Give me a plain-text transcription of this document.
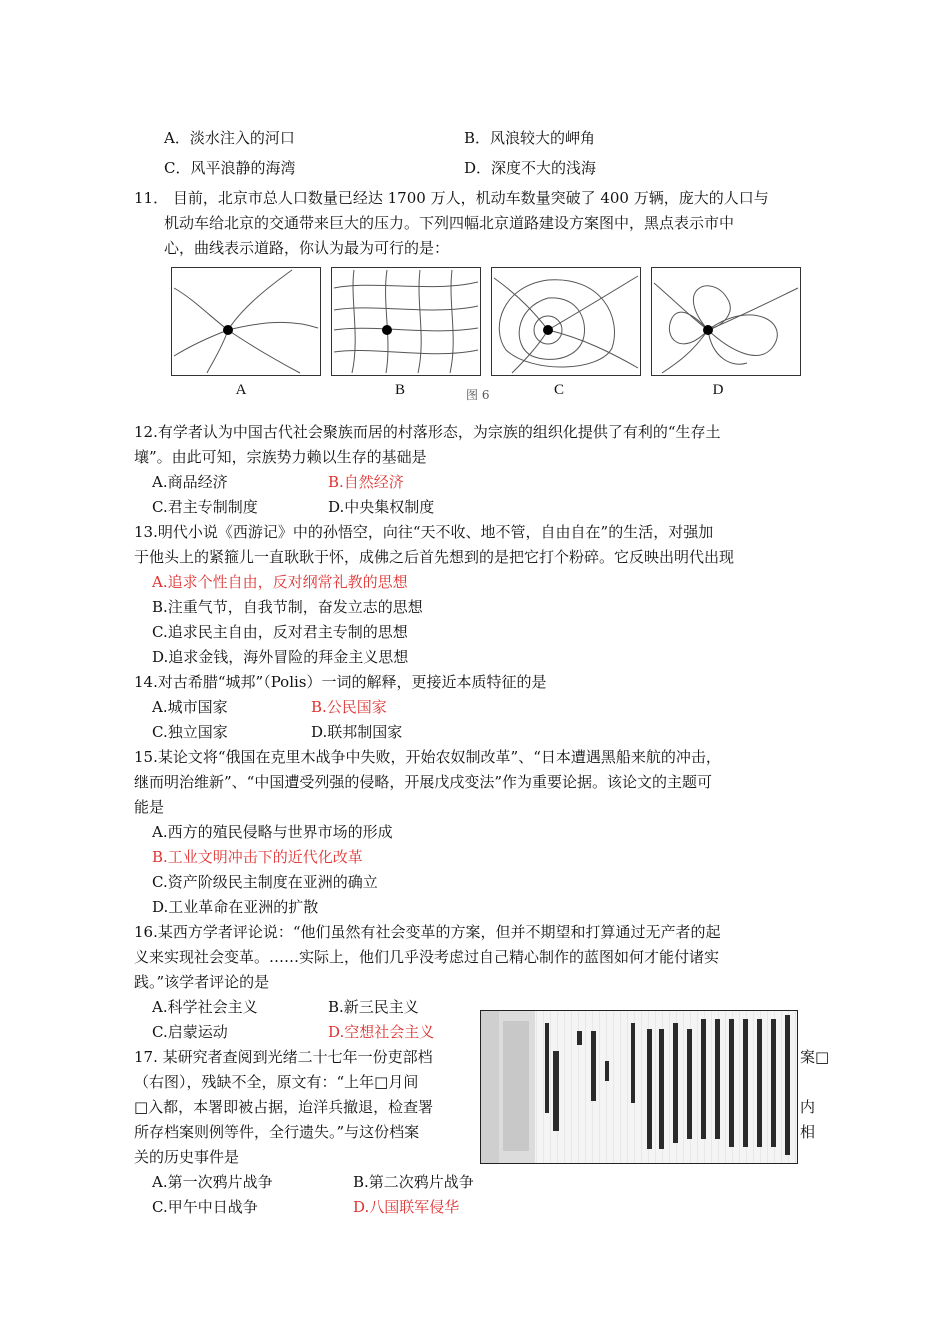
A．淡水注入的河口	B．风浪较大的岬角
C．风平浪静的海湾	D．深度不大的浅海
11． 目前，北京市总人口数量已经达 1700 万人，机动车数量突破了 400 万辆，庞大的人口与
机动车给北京的交通带来巨大的压力。下列四幅北京道路建设方案图中，黑点表示市中
心，曲线表示道路，你认为最为可行的是：
A	B	C	D
图 6
12.有学者认为中国古代社会聚族而居的村落形态，为宗族的组织化提供了有利的“生存土
壤”。由此可知，宗族势力赖以生存的基础是
A.商品经济	B.自然经济
C.君主专制制度	D.中央集权制度
13.明代小说《西游记》中的孙悟空，向往“天不收、地不管，自由自在”的生活，对强加
于他头上的紧箍儿一直耿耿于怀，成佛之后首先想到的是把它打个粉碎。它反映出明代出现
A.追求个性自由，反对纲常礼教的思想
B.注重气节，自我节制，奋发立志的思想
C.追求民主自由，反对君主专制的思想
D.追求金钱，海外冒险的拜金主义思想
14.对古希腊“城邦”（Polis）一词的解释，更接近本质特征的是
A.城市国家	B.公民国家
C.独立国家	D.联邦制国家
15.某论文将“俄国在克里木战争中失败，开始农奴制改革”、“日本遭遇黑船来航的冲击，
继而明治维新”、“中国遭受列强的侵略，开展戊戌变法”作为重要论据。该论文的主题可
能是
A.西方的殖民侵略与世界市场的形成
B.工业文明冲击下的近代化改革
C.资产阶级民主制度在亚洲的确立
D.工业革命在亚洲的扩散
16.某西方学者评论说：“他们虽然有社会变革的方案，但并不期望和打算通过无产者的起
义来实现社会变革。……实际上，他们几乎没考虑过自己精心制作的蓝图如何才能付诸实
践。”该学者评论的是
A.科学社会主义	B.新三民主义
C.启蒙运动	D.空想社会主义
17. 某研究者查阅到光绪二十七年一份吏部档	案□
（右图），残缺不全，原文有：“上年□月间
□入都，本署即被占据，迨洋兵撤退，检查署	内
所存档案则例等件，全行遗失。”与这份档案	相
关的历史事件是
A.第一次鸦片战争	B.第二次鸦片战争
C.甲午中日战争	D.八国联军侵华
